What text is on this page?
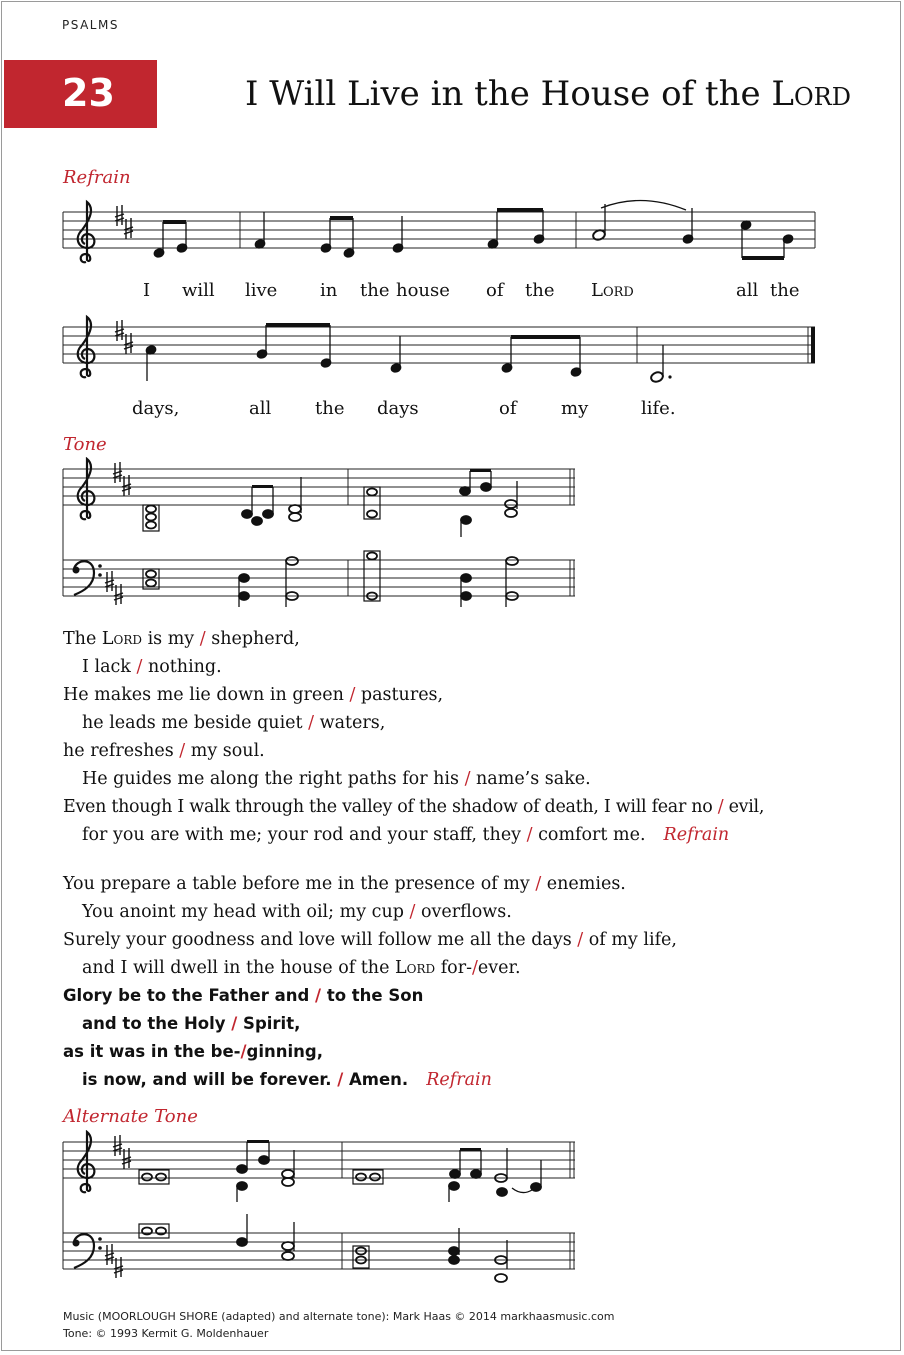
PSALMS
23	I Will Live in the House of the Lord
Refrain
I will live in the house of the Lord	all the
days,	all the days	of my	life.
Tone
The Lord is my / shepherd,
I lack / nothing.
He makes me lie down in green / pastures,
he leads me beside quiet / waters,
he refreshes / my soul.
He guides me along the right paths for his / name’s sake.
Even though I walk through the valley of the shadow of death, I will fear no / evil,
for you are with me; your rod and your staff, they / comfort me. Refrain
You prepare a table before me in the presence of my / enemies.
You anoint my head with oil; my cup / overflows.
Surely your goodness and love will follow me all the days / of my life,
and I will dwell in the house of the Lord for-/ever.
Glory be to the Father and / to the Son
and to the Holy / Spirit,
as it was in the be-/ginning,
is now, and will be forever. / Amen. Refrain
Alternate Tone
Music (MOORLOUGH SHORE (adapted) and alternate tone): Mark Haas © 2014 markhaasmusic.com
Tone: © 1993 Kermit G. Moldenhauer
